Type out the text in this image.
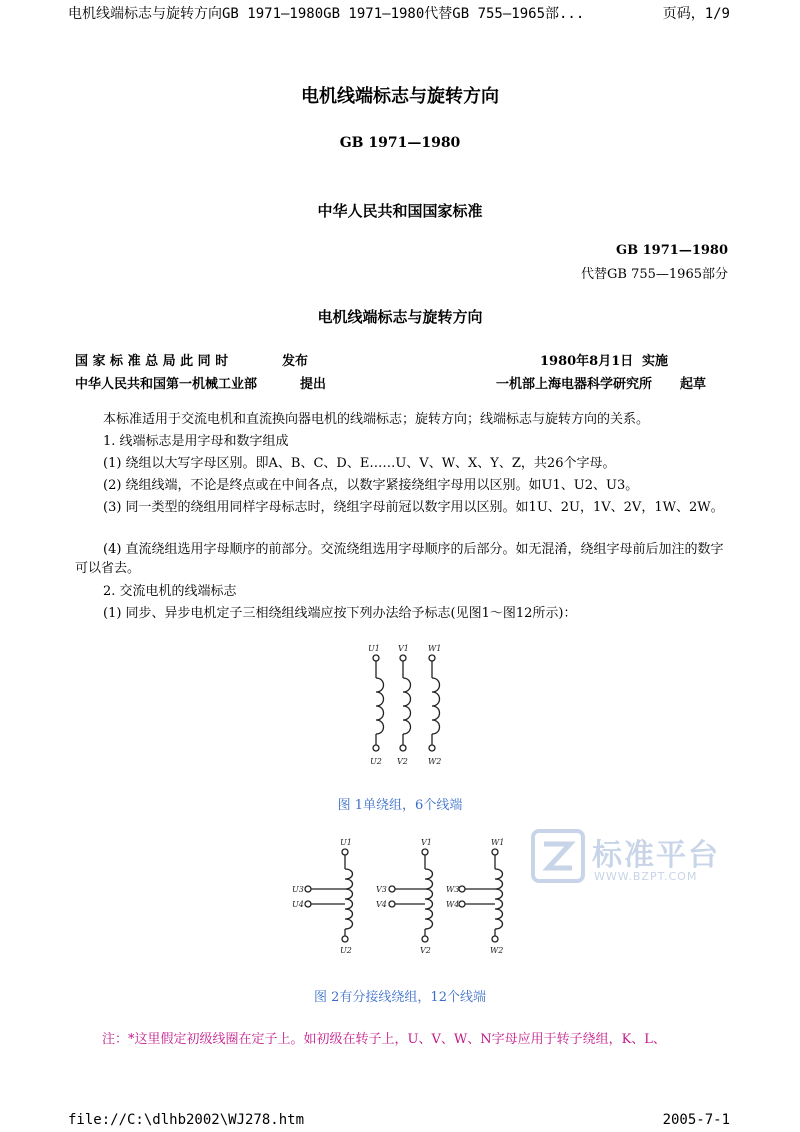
电机线端标志与旋转方向GB 1971—1980GB 1971—1980代替GB 755—1965部...	页码，1/9
电机线端标志与旋转方向
GB 1971—1980
中华人民共和国国家标准
GB 1971—1980
代替GB 755—1965部分
电机线端标志与旋转方向
国 家 标 准 总 局 此 同 时	发布	1980年8月1日 实施
中华人民共和国第一机械工业部	提出	一机部上海电器科学研究所 起草
本标准适用于交流电机和直流换向器电机的线端标志；旋转方向；线端标志与旋转方向的关系。
1. 线端标志是用字母和数字组成
(1) 绕组以大写字母区别。即A、B、C、D、E……U、V、W、X、Y、Z，共26个字母。
(2) 绕组线端，不论是终点或在中间各点，以数字紧接绕组字母用以区别。如U1、U2、U3。
(3) 同一类型的绕组用同样字母标志时，绕组字母前冠以数字用以区别。如1U、2U，1V、2V，1W、2W。
(4) 直流绕组选用字母顺序的前部分。交流绕组选用字母顺序的后部分。如无混淆，绕组字母前后加注的数字可以省去。
2. 交流电机的线端标志
(1) 同步、异步电机定子三相绕组线端应按下列办法给予标志(见图1～图12所示)：
U1 V1 W1
U2 V2	W2
图 1单绕组，6个线端
U1	V1	W1
U2	V2	W2
U3	V3	W3
U4	V4	W4
图 2有分接线绕组，12个线端
标准平台
WWW.BZPT.COM
注：*这里假定初级线圈在定子上。如初级在转子上，U、V、W、N字母应用于转子绕组，K、L、
file://C:\dlhb2002\WJ278.htm	2005-7-1
